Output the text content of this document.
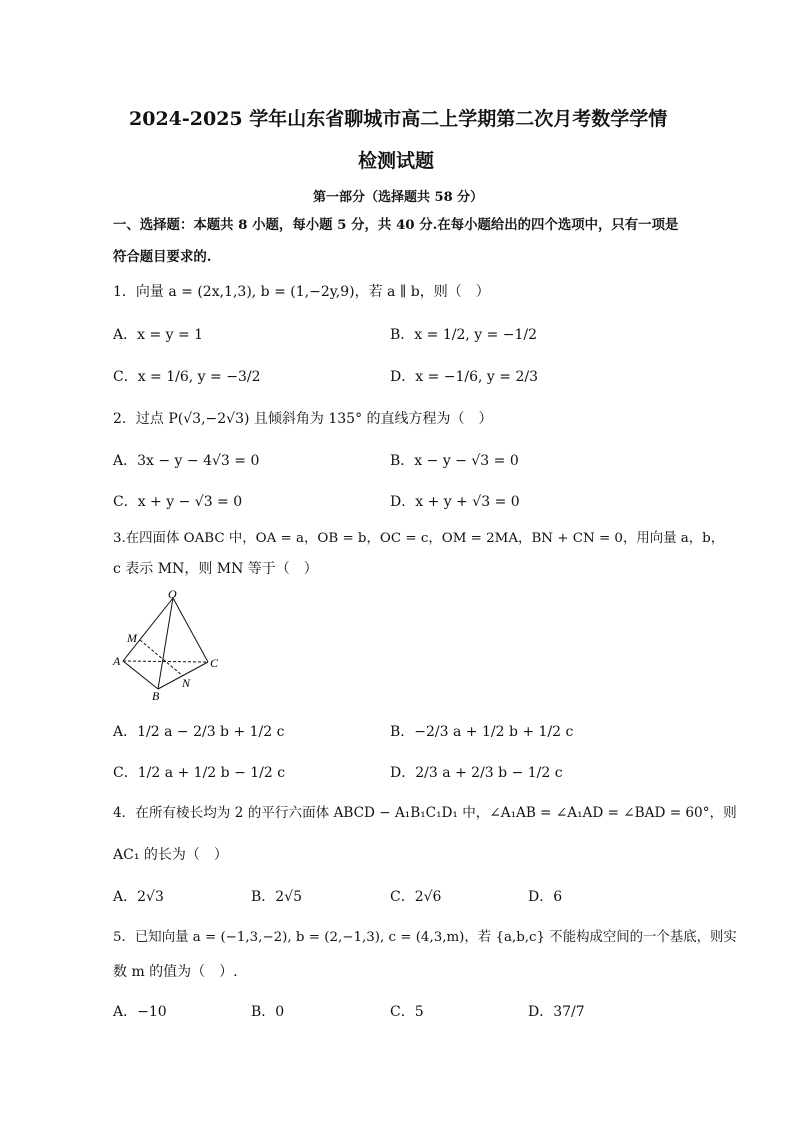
2024-2025 学年山东省聊城市高二上学期第二次月考数学学情
检测试题
第一部分（选择题共 58 分）
一、选择题：本题共 8 小题，每小题 5 分，共 40 分.在每小题给出的四个选项中，只有一项是
符合题目要求的.
1．向量 a = (2x,1,3), b = (1,−2y,9)，若 a ∥ b，则（　）
A．x = y = 1	B．x = 1/2, y = −1/2
C．x = 1/6, y = −3/2	D．x = −1/6, y = 2/3
2．过点 P(√3,−2√3) 且倾斜角为 135° 的直线方程为（　）
A．3x − y − 4√3 = 0	B．x − y − √3 = 0
C．x + y − √3 = 0	D．x + y + √3 = 0
3.在四面体 OABC 中，OA = a，OB = b，OC = c，OM = 2MA，BN + CN = 0，用向量 a，b，
c 表示 MN，则 MN 等于（　）
O
M
A
B
C
N
A．1/2 a − 2/3 b + 1/2 c	B．−2/3 a + 1/2 b + 1/2 c
C．1/2 a + 1/2 b − 1/2 c	D．2/3 a + 2/3 b − 1/2 c
4．在所有棱长均为 2 的平行六面体 ABCD − A₁B₁C₁D₁ 中，∠A₁AB = ∠A₁AD = ∠BAD = 60°，则
AC₁ 的长为（　）
A．2√3	B．2√5	C．2√6	D．6
5．已知向量 a = (−1,3,−2), b = (2,−1,3), c = (4,3,m)，若 {a,b,c} 不能构成空间的一个基底，则实
数 m 的值为（　）.
A．−10	B．0	C．5	D．37/7
